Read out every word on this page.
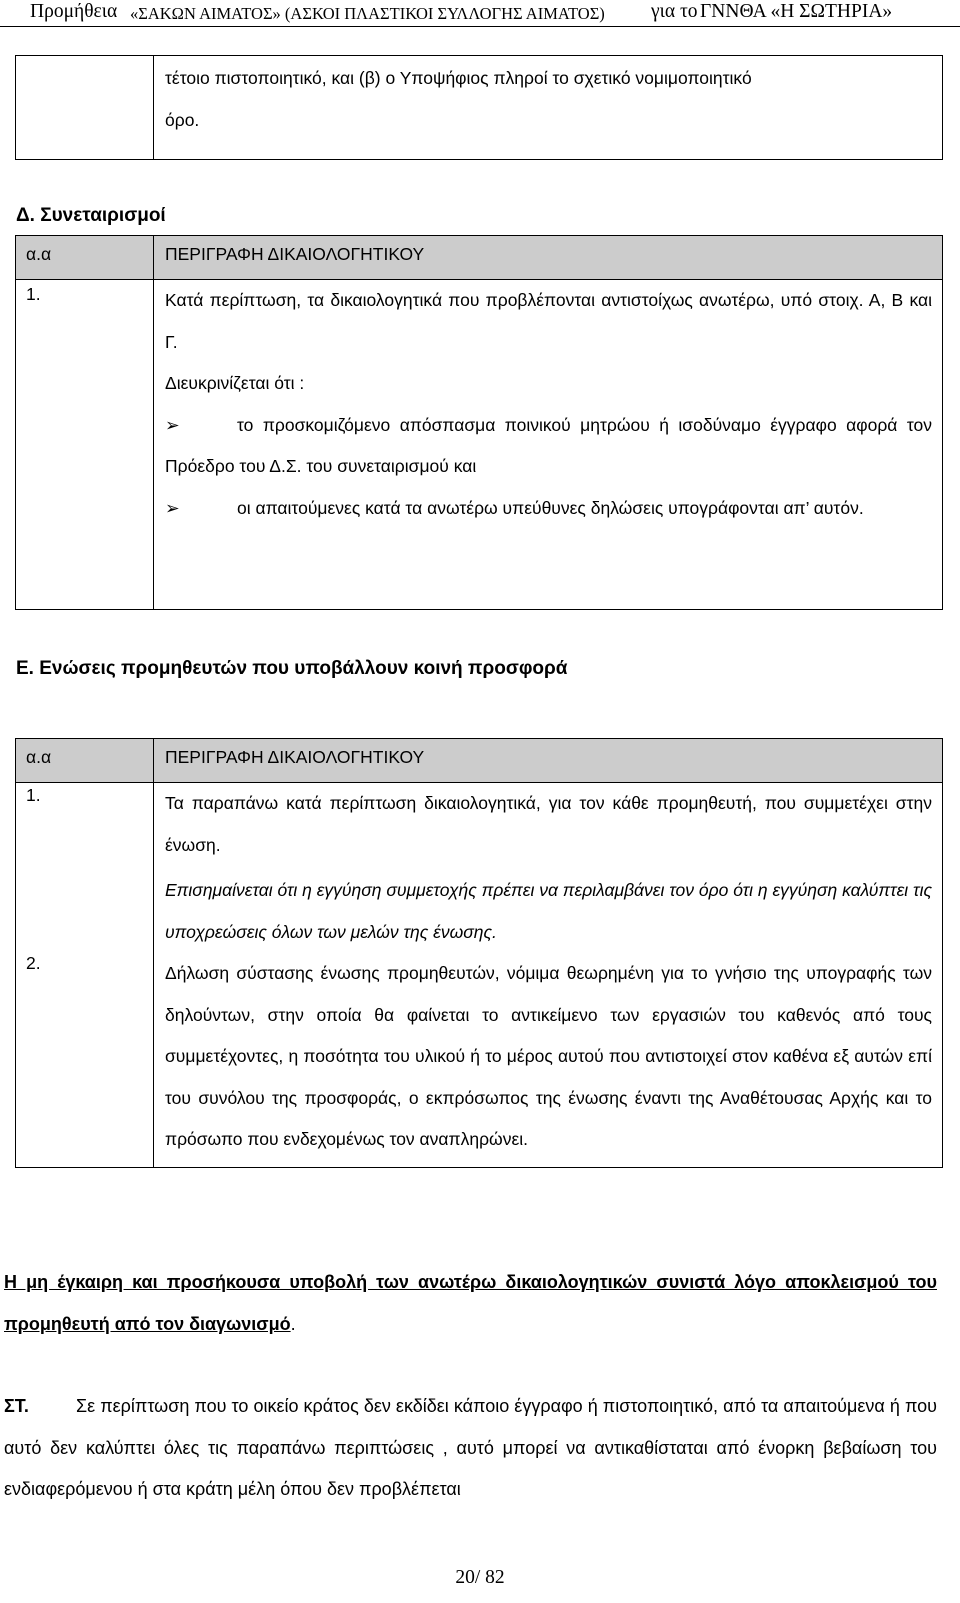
Προμήθεια «ΣΑΚΩΝ ΑΙΜΑΤΟΣ» (ΑΣΚΟΙ ΠΛΑΣΤΙΚΟΙ ΣΥΛΛΟΓΗΣ ΑΙΜΑΤΟΣ) για το ΓΝΝΘΑ «Η ΣΩΤΗΡΙΑ»

τέτοιο πιστοποιητικό, και (β) ο Υποψήφιος πληροί το σχετικό νομιμοποιητικό
όρο.
Δ. Συνεταιρισμοί
α.α	ΠΕΡΙΓΡΑΦΗ ΔΙΚΑΙΟΛΟΓΗΤΙΚΟΥ

1.	Κατά περίπτωση, τα δικαιολογητικά που προβλέπονται αντιστοίχως ανωτέρω, υπό στοιχ. Α, Β και Γ.
Διευκρινίζεται ότι :
➢ το προσκομιζόμενο απόσπασμα ποινικού μητρώου ή ισοδύναμο έγγραφο αφορά τον Πρόεδρο του Δ.Σ. του συνεταιρισμού και
➢ οι απαιτούμενες κατά τα ανωτέρω υπεύθυνες δηλώσεις υπογράφονται απ’ αυτόν.
Ε. Ενώσεις προμηθευτών που υποβάλλουν κοινή προσφορά
α.α	ΠΕΡΙΓΡΑΦΗ ΔΙΚΑΙΟΛΟΓΗΤΙΚΟΥ

1.	Τα παραπάνω κατά περίπτωση δικαιολογητικά, για τον κάθε προμηθευτή, που συμμετέχει στην ένωση.
Επισημαίνεται ότι η εγγύηση συμμετοχής πρέπει να περιλαμβάνει τον όρο ότι η εγγύηση καλύπτει τις υποχρεώσεις όλων των μελών της ένωσης.

2.	Δήλωση σύστασης ένωσης προμηθευτών, νόμιμα θεωρημένη για το γνήσιο της υπογραφής των δηλούντων, στην οποία θα φαίνεται το αντικείμενο των εργασιών του καθενός από τους συμμετέχοντες, η ποσότητα του υλικού ή το μέρος αυτού που αντιστοιχεί στον καθένα εξ αυτών επί του συνόλου της προσφοράς, ο εκπρόσωπος της ένωσης έναντι της Αναθέτουσας Αρχής και το πρόσωπο που ενδεχομένως τον αναπληρώνει.
Η μη έγκαιρη και προσήκουσα υποβολή των ανωτέρω δικαιολογητικών συνιστά λόγο αποκλεισμού του προμηθευτή από τον διαγωνισμό.
ΣΤ.	Σε περίπτωση που το οικείο κράτος δεν εκδίδει κάποιο έγγραφο ή πιστοποιητικό, από τα απαιτούμενα ή που αυτό δεν καλύπτει όλες τις παραπάνω περιπτώσεις , αυτό μπορεί να αντικαθίσταται από ένορκη βεβαίωση του ενδιαφερόμενου ή στα κράτη μέλη όπου δεν προβλέπεται
20/ 82
